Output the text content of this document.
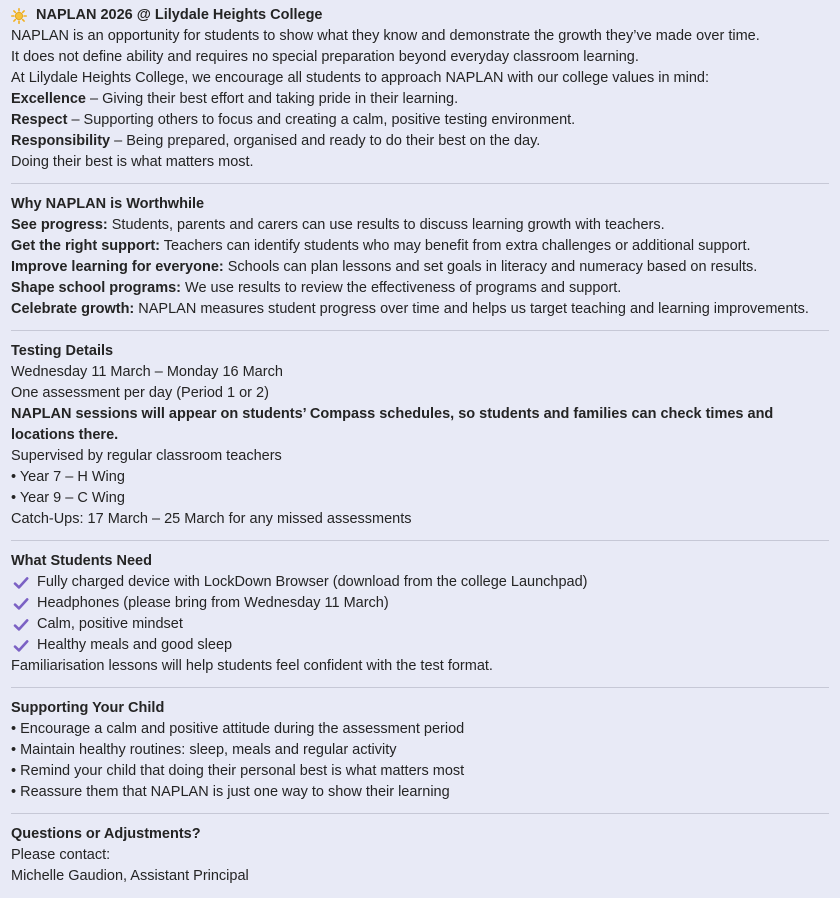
NAPLAN 2026 @ Lilydale Heights College
NAPLAN is an opportunity for students to show what they know and demonstrate the growth they’ve made over time.
It does not define ability and requires no special preparation beyond everyday classroom learning.
At Lilydale Heights College, we encourage all students to approach NAPLAN with our college values in mind:
Excellence – Giving their best effort and taking pride in their learning.
Respect – Supporting others to focus and creating a calm, positive testing environment.
Responsibility – Being prepared, organised and ready to do their best on the day.
Doing their best is what matters most.
Why NAPLAN is Worthwhile
See progress: Students, parents and carers can use results to discuss learning growth with teachers.
Get the right support: Teachers can identify students who may benefit from extra challenges or additional support.
Improve learning for everyone: Schools can plan lessons and set goals in literacy and numeracy based on results.
Shape school programs: We use results to review the effectiveness of programs and support.
Celebrate growth: NAPLAN measures student progress over time and helps us target teaching and learning improvements.
Testing Details
Wednesday 11 March – Monday 16 March
One assessment per day (Period 1 or 2)
NAPLAN sessions will appear on students’ Compass schedules, so students and families can check times and locations there.
Supervised by regular classroom teachers
• Year 7 – H Wing
• Year 9 – C Wing
Catch-Ups: 17 March – 25 March for any missed assessments
What Students Need
Fully charged device with LockDown Browser (download from the college Launchpad)
Headphones (please bring from Wednesday 11 March)
Calm, positive mindset
Healthy meals and good sleep
Familiarisation lessons will help students feel confident with the test format.
Supporting Your Child
• Encourage a calm and positive attitude during the assessment period
• Maintain healthy routines: sleep, meals and regular activity
• Remind your child that doing their personal best is what matters most
• Reassure them that NAPLAN is just one way to show their learning
Questions or Adjustments?
Please contact:
Michelle Gaudion, Assistant Principal
